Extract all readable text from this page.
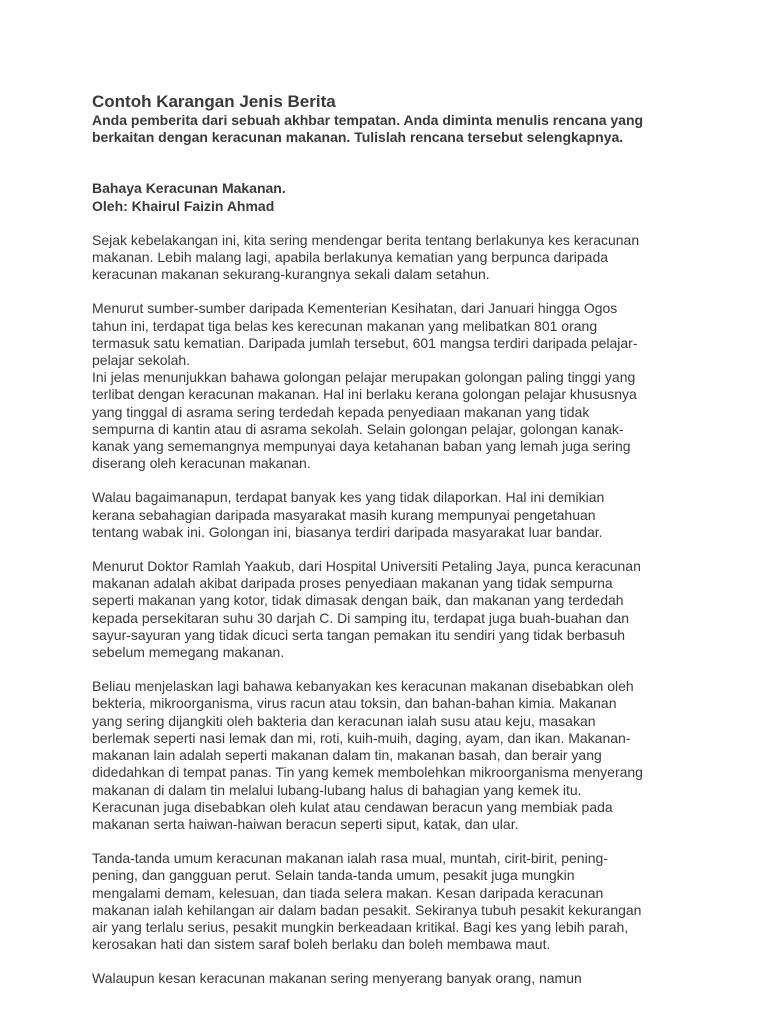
Contoh Karangan Jenis Berita
Anda pemberita dari sebuah akhbar tempatan. Anda diminta menulis rencana yang
berkaitan dengan keracunan makanan. Tulislah rencana tersebut selengkapnya.
Bahaya Keracunan Makanan.
Oleh: Khairul Faizin Ahmad

Sejak kebelakangan ini, kita sering mendengar berita tentang berlakunya kes keracunan
makanan. Lebih malang lagi, apabila berlakunya kematian yang berpunca daripada
keracunan makanan sekurang-kurangnya sekali dalam setahun.

Menurut sumber-sumber daripada Kementerian Kesihatan, dari Januari hingga Ogos
tahun ini, terdapat tiga belas kes kerecunan makanan yang melibatkan 801 orang
termasuk satu kematian. Daripada jumlah tersebut, 601 mangsa terdiri daripada pelajar-
pelajar sekolah.
Ini jelas menunjukkan bahawa golongan pelajar merupakan golongan paling tinggi yang
terlibat dengan keracunan makanan. Hal ini berlaku kerana golongan pelajar khususnya
yang tinggal di asrama sering terdedah kepada penyediaan makanan yang tidak
sempurna di kantin atau di asrama sekolah. Selain golongan pelajar, golongan kanak-
kanak yang sememangnya mempunyai daya ketahanan baban yang lemah juga sering
diserang oleh keracunan makanan.

Walau bagaimanapun, terdapat banyak kes yang tidak dilaporkan. Hal ini demikian
kerana sebahagian daripada masyarakat masih kurang mempunyai pengetahuan
tentang wabak ini. Golongan ini, biasanya terdiri daripada masyarakat luar bandar.

Menurut Doktor Ramlah Yaakub, dari Hospital Universiti Petaling Jaya, punca keracunan
makanan adalah akibat daripada proses penyediaan makanan yang tidak sempurna
seperti makanan yang kotor, tidak dimasak dengan baik, dan makanan yang terdedah
kepada persekitaran suhu 30 darjah C. Di samping itu, terdapat juga buah-buahan dan
sayur-sayuran yang tidak dicuci serta tangan pemakan itu sendiri yang tidak berbasuh
sebelum memegang makanan.

Beliau menjelaskan lagi bahawa kebanyakan kes keracunan makanan disebabkan oleh
bekteria, mikroorganisma, virus racun atau toksin, dan bahan-bahan kimia. Makanan
yang sering dijangkiti oleh bakteria dan keracunan ialah susu atau keju, masakan
berlemak seperti nasi lemak dan mi, roti, kuih-muih, daging, ayam, dan ikan. Makanan-
makanan lain adalah seperti makanan dalam tin, makanan basah, dan berair yang
didedahkan di tempat panas. Tin yang kemek membolehkan mikroorganisma menyerang
makanan di dalam tin melalui lubang-lubang halus di bahagian yang kemek itu.
Keracunan juga disebabkan oleh kulat atau cendawan beracun yang membiak pada
makanan serta haiwan-haiwan beracun seperti siput, katak, dan ular.

Tanda-tanda umum keracunan makanan ialah rasa mual, muntah, cirit-birit, pening-
pening, dan gangguan perut. Selain tanda-tanda umum, pesakit juga mungkin
mengalami demam, kelesuan, dan tiada selera makan. Kesan daripada keracunan
makanan ialah kehilangan air dalam badan pesakit. Sekiranya tubuh pesakit kekurangan
air yang terlalu serius, pesakit mungkin berkeadaan kritikal. Bagi kes yang lebih parah,
kerosakan hati dan sistem saraf boleh berlaku dan boleh membawa maut.

Walaupun kesan keracunan makanan sering menyerang banyak orang, namun
